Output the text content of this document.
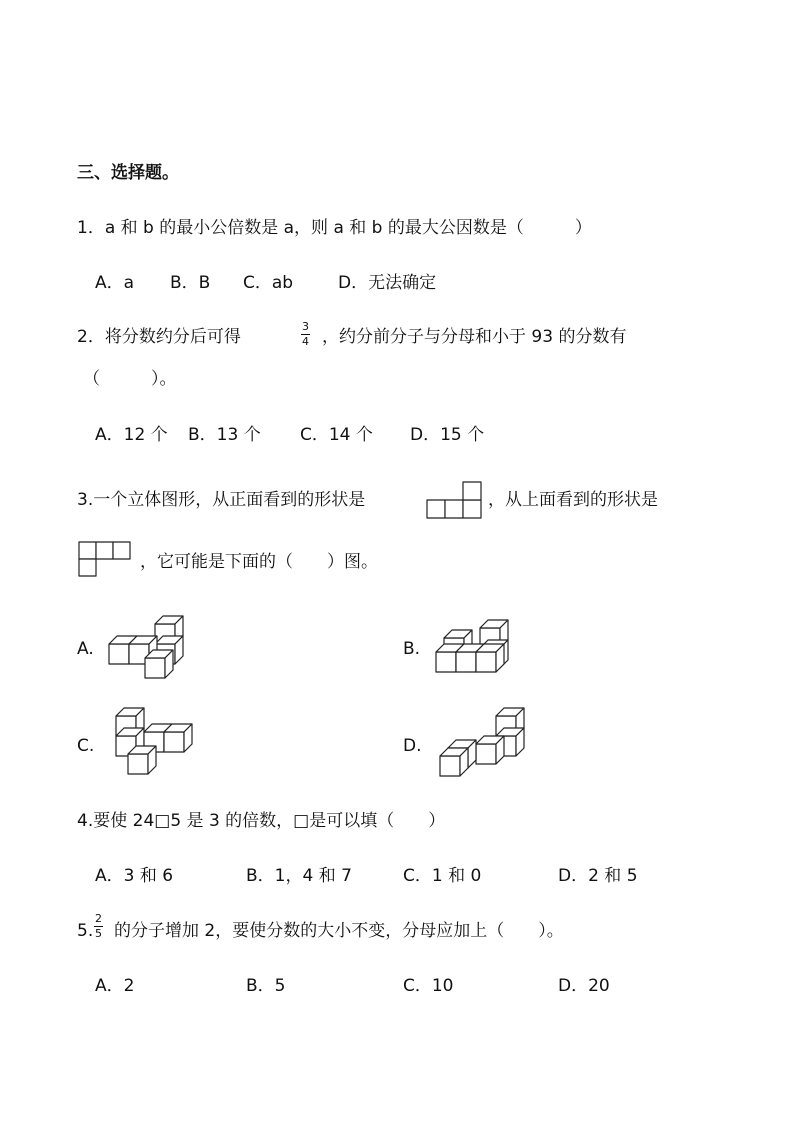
三、选择题。
1．a 和 b 的最小公倍数是 a，则 a 和 b 的最大公因数是（　　　）
A．a B．B C．ab	D．无法确定
2．将分数约分后可得
3
4 ，约分前分子与分母和小于 93 的分数有
（　　　）。
A．12 个 B．13 个 C．14 个 D．15 个
3.一个立体图形，从正面看到的形状是	，从上面看到的形状是
，它可能是下面的（　　）图。
A.	B.
C.	D.
4.要使 24□5 是 3 的倍数，□是可以填（　　）
A．3 和 6	B．1，4 和 7	C．1 和 0	D．2 和 5
5.
2
5 的分子增加 2，要使分数的大小不变，分母应加上（　　）。
A．2	B．5	C．10	D．20
